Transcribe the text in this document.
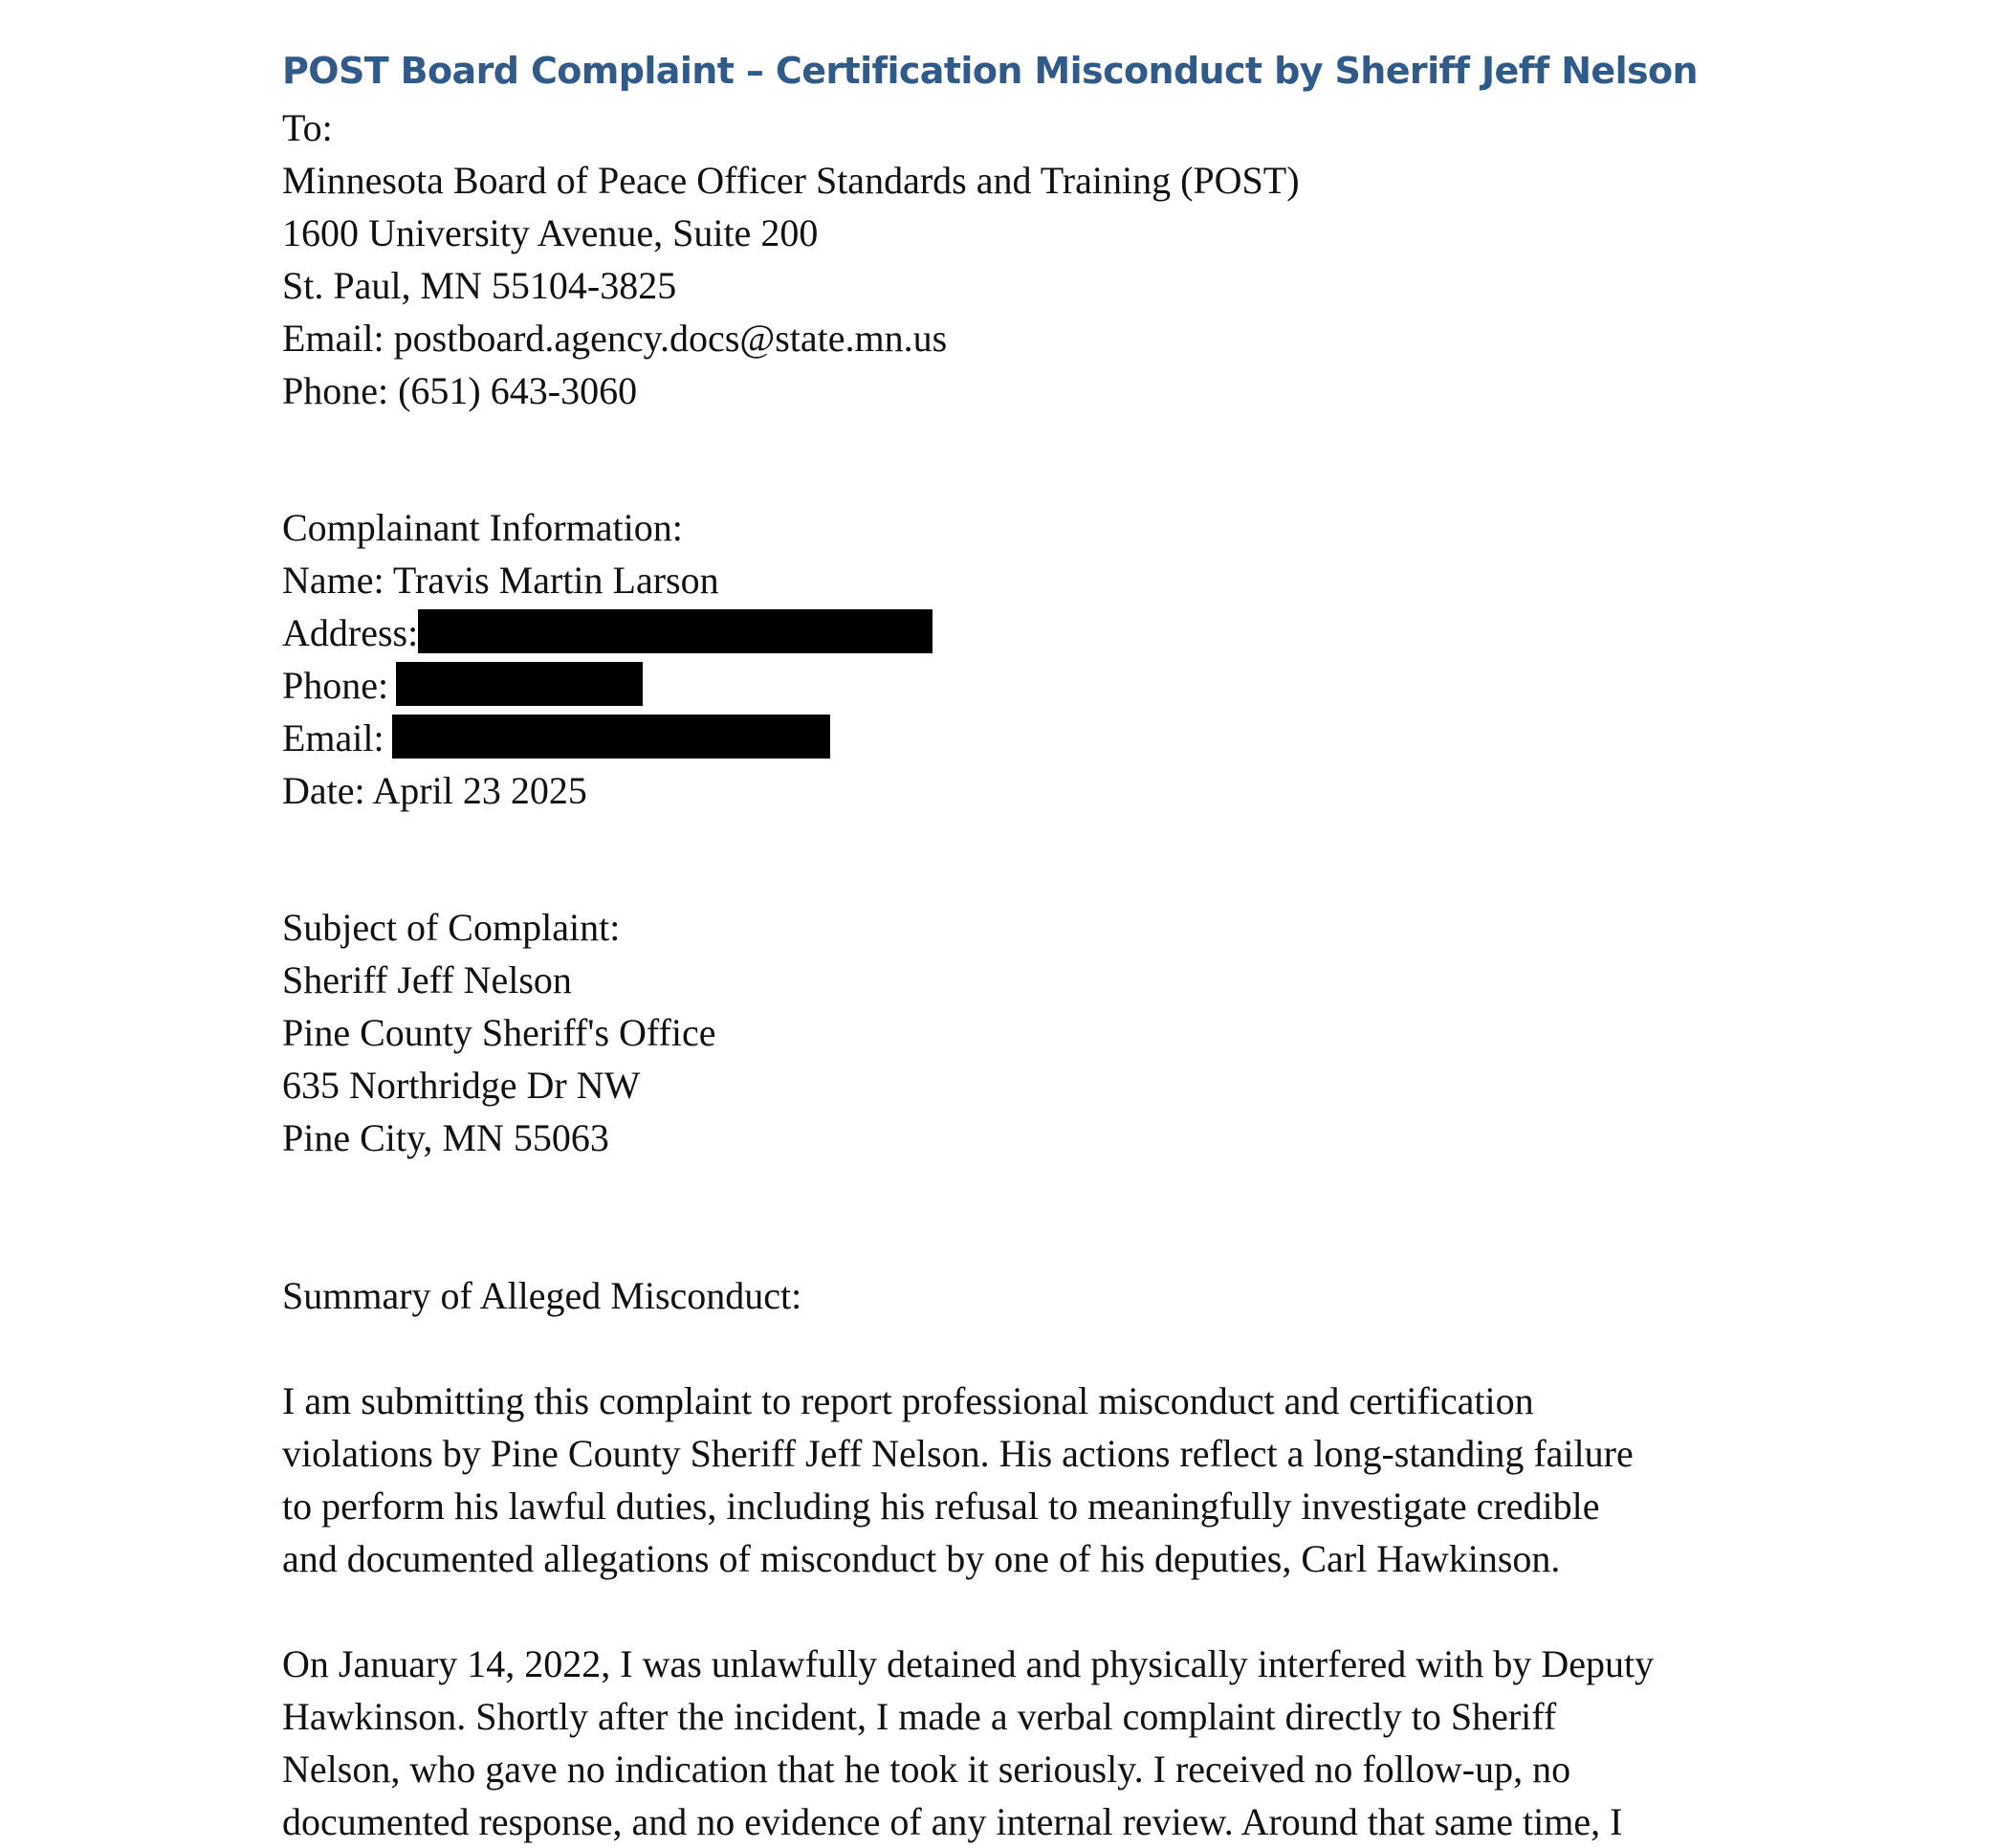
POST Board Complaint – Certification Misconduct by Sheriff Jeff Nelson

To:

Minnesota Board of Peace Officer Standards and Training (POST)

1600 University Avenue, Suite 200

St. Paul, MN 55104-3825

Email: postboard.agency.docs@state.mn.us

Phone: (651) 643-3060

Complainant Information:

Name: Travis Martin Larson

Address:

Phone:

Email:

Date: April 23 2025

Subject of Complaint:

Sheriff Jeff Nelson

Pine County Sheriff's Office

635 Northridge Dr NW

Pine City, MN 55063

Summary of Alleged Misconduct:

I am submitting this complaint to report professional misconduct and certification
violations by Pine County Sheriff Jeff Nelson. His actions reflect a long-standing failure
to perform his lawful duties, including his refusal to meaningfully investigate credible
and documented allegations of misconduct by one of his deputies, Carl Hawkinson.

On January 14, 2022, I was unlawfully detained and physically interfered with by Deputy
Hawkinson. Shortly after the incident, I made a verbal complaint directly to Sheriff
Nelson, who gave no indication that he took it seriously. I received no follow-up, no
documented response, and no evidence of any internal review. Around that same time, I
